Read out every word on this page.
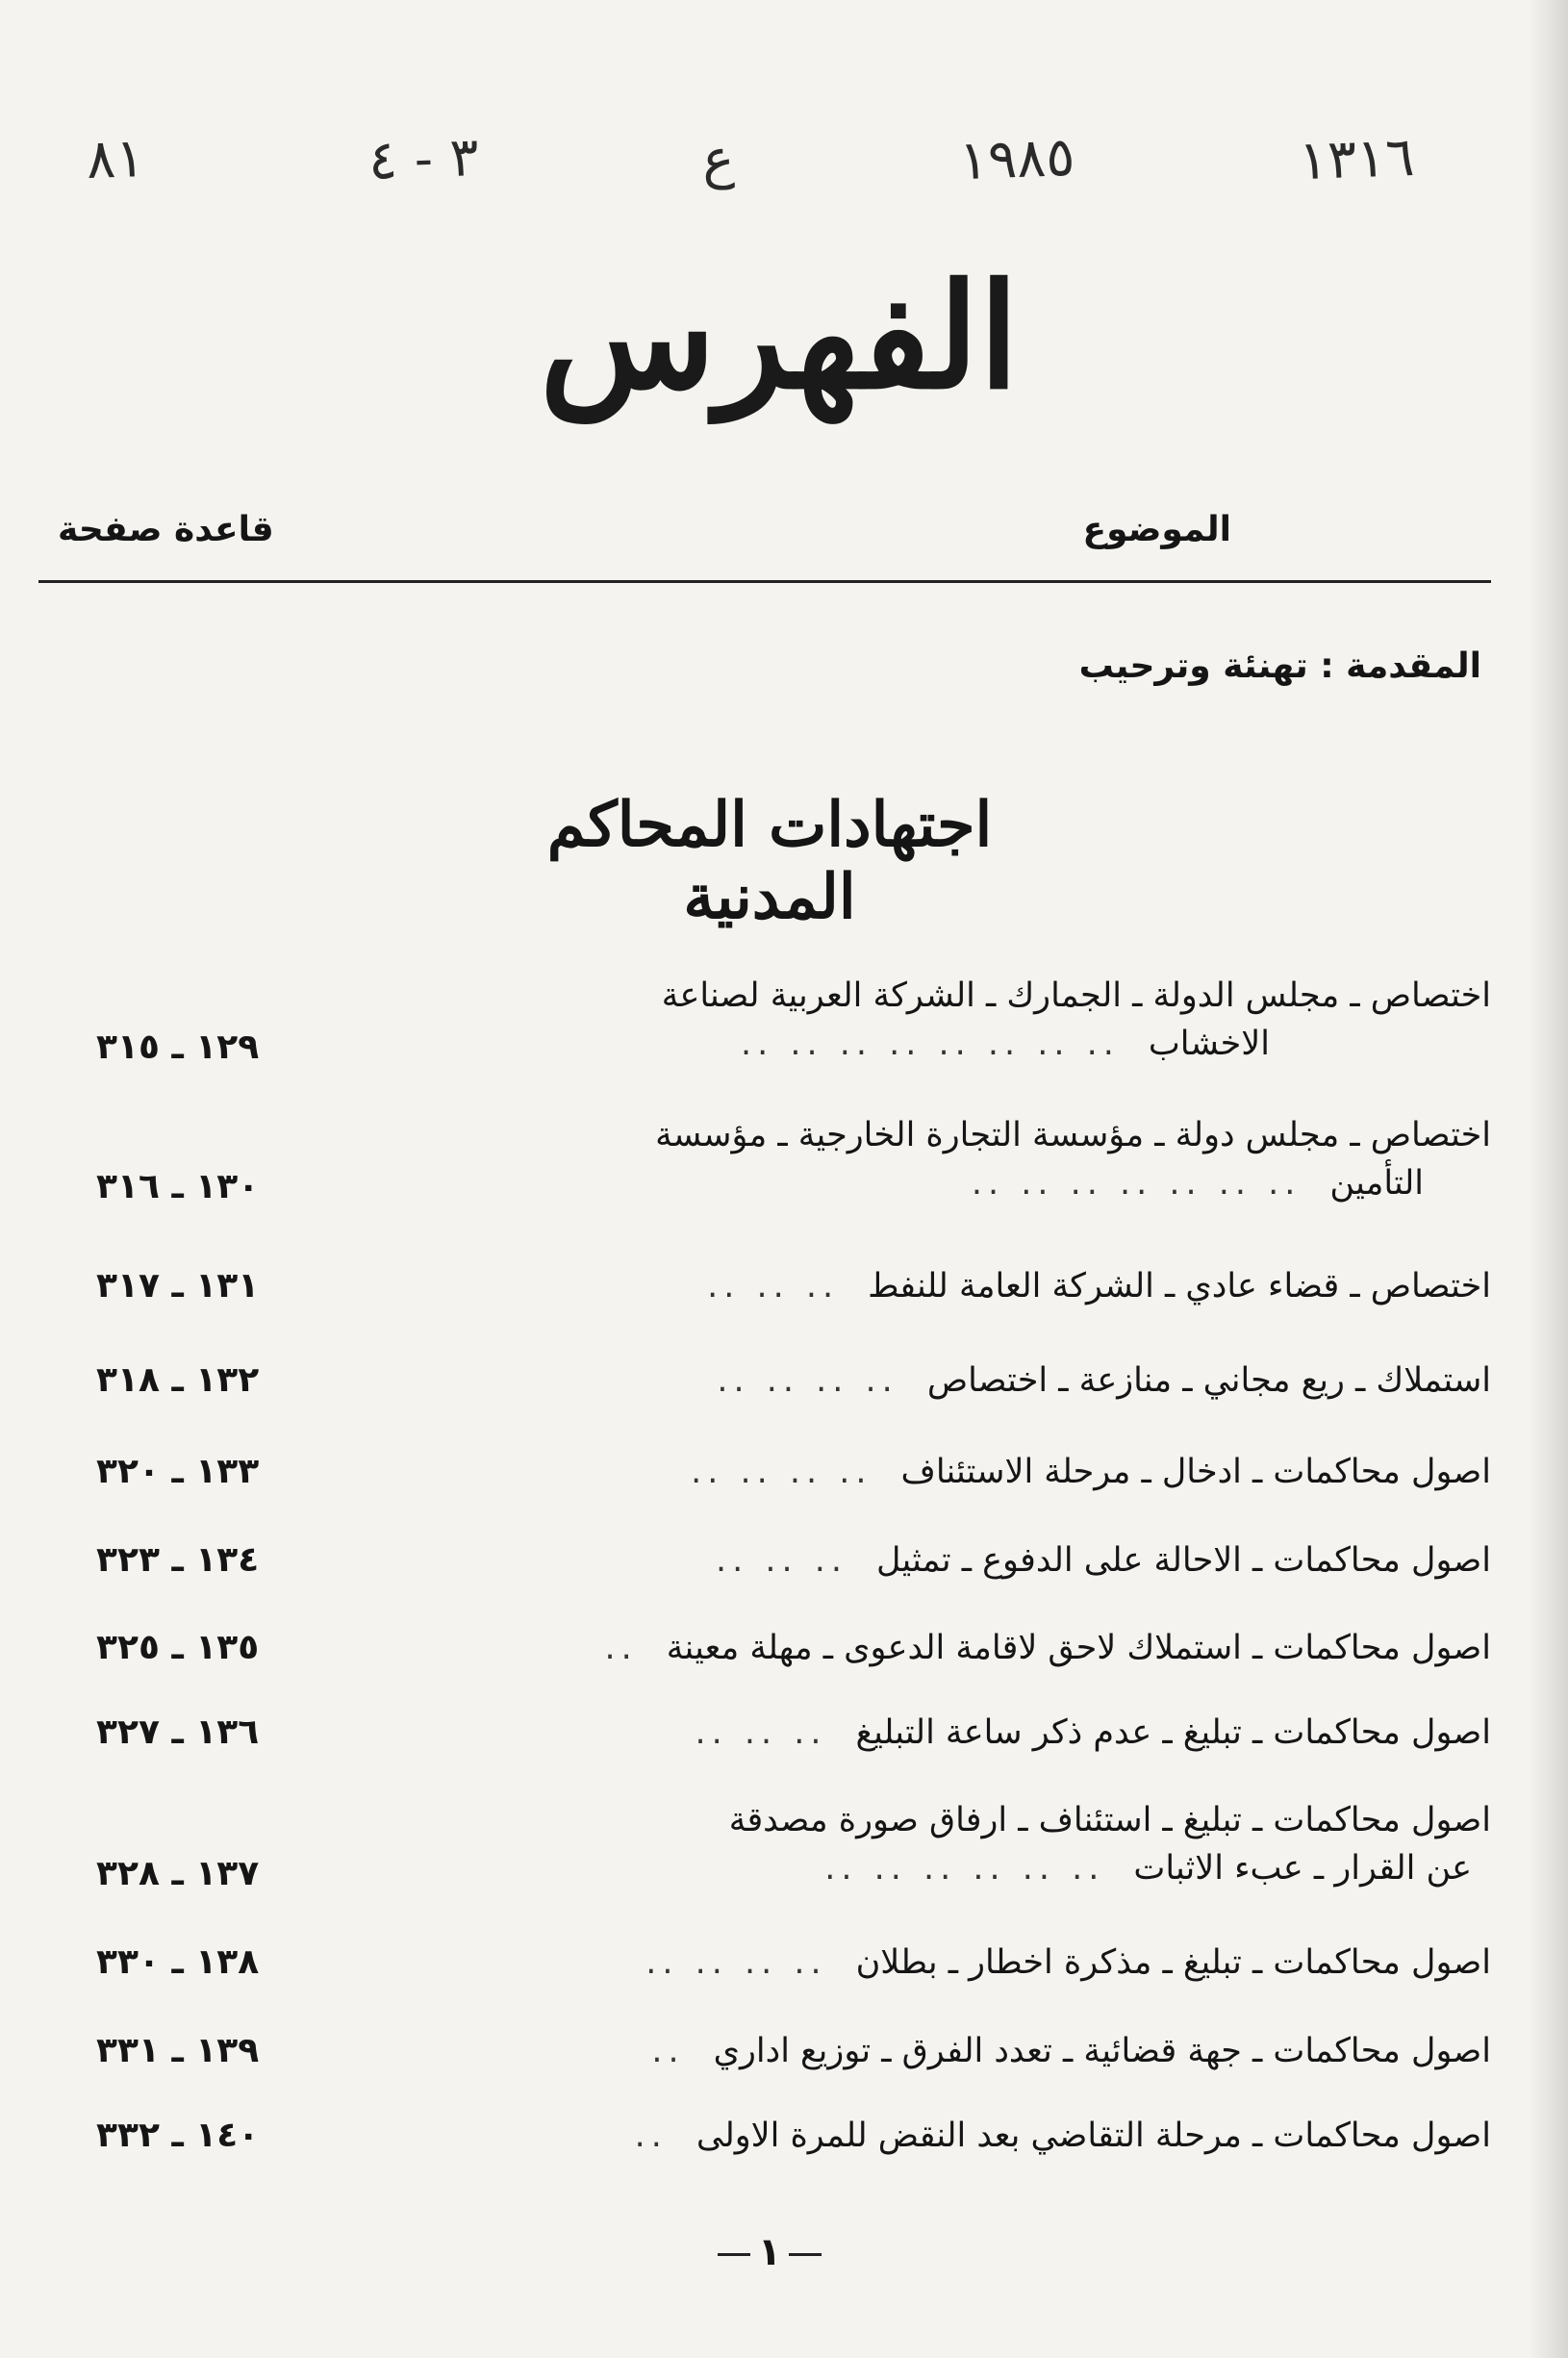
١٣١٦
١٩٨٥
ع
٣ - ٤
٨١
الفهرس
الموضوع
قاعدة صفحة
المقدمة : تهنئة وترحيب
اجتهادات المحاكم المدنية
اختصاص ـ مجلس الدولة ـ الجمارك ـ الشركة العربية لصناعة
الاخشاب.. .. .. .. .. .. .. ..
١٢٩ ـ ٣١٥
اختصاص ـ مجلس دولة ـ مؤسسة التجارة الخارجية ـ مؤسسة
التأمين.. .. .. .. .. .. ..
١٣٠ ـ ٣١٦
اختصاص ـ قضاء عادي ـ الشركة العامة للنفط.. .. ..
١٣١ ـ ٣١٧
استملاك ـ ريع مجاني ـ منازعة ـ اختصاص.. .. .. ..
١٣٢ ـ ٣١٨
اصول محاكمات ـ ادخال ـ مرحلة الاستئناف.. .. .. ..
١٣٣ ـ ٣٢٠
اصول محاكمات ـ الاحالة على الدفوع ـ تمثيل.. .. ..
١٣٤ ـ ٣٢٣
اصول محاكمات ـ استملاك لاحق لاقامة الدعوى ـ مهلة معينة..
١٣٥ ـ ٣٢٥
اصول محاكمات ـ تبليغ ـ عدم ذكر ساعة التبليغ.. .. ..
١٣٦ ـ ٣٢٧
اصول محاكمات ـ تبليغ ـ استئناف ـ ارفاق صورة مصدقة
عن القرار ـ عبء الاثبات.. .. .. .. .. ..
١٣٧ ـ ٣٢٨
اصول محاكمات ـ تبليغ ـ مذكرة اخطار ـ بطلان.. .. .. ..
١٣٨ ـ ٣٣٠
اصول محاكمات ـ جهة قضائية ـ تعدد الفرق ـ توزيع اداري..
١٣٩ ـ ٣٣١
اصول محاكمات ـ مرحلة التقاضي بعد النقض للمرة الاولى..
١٤٠ ـ ٣٣٢
١
